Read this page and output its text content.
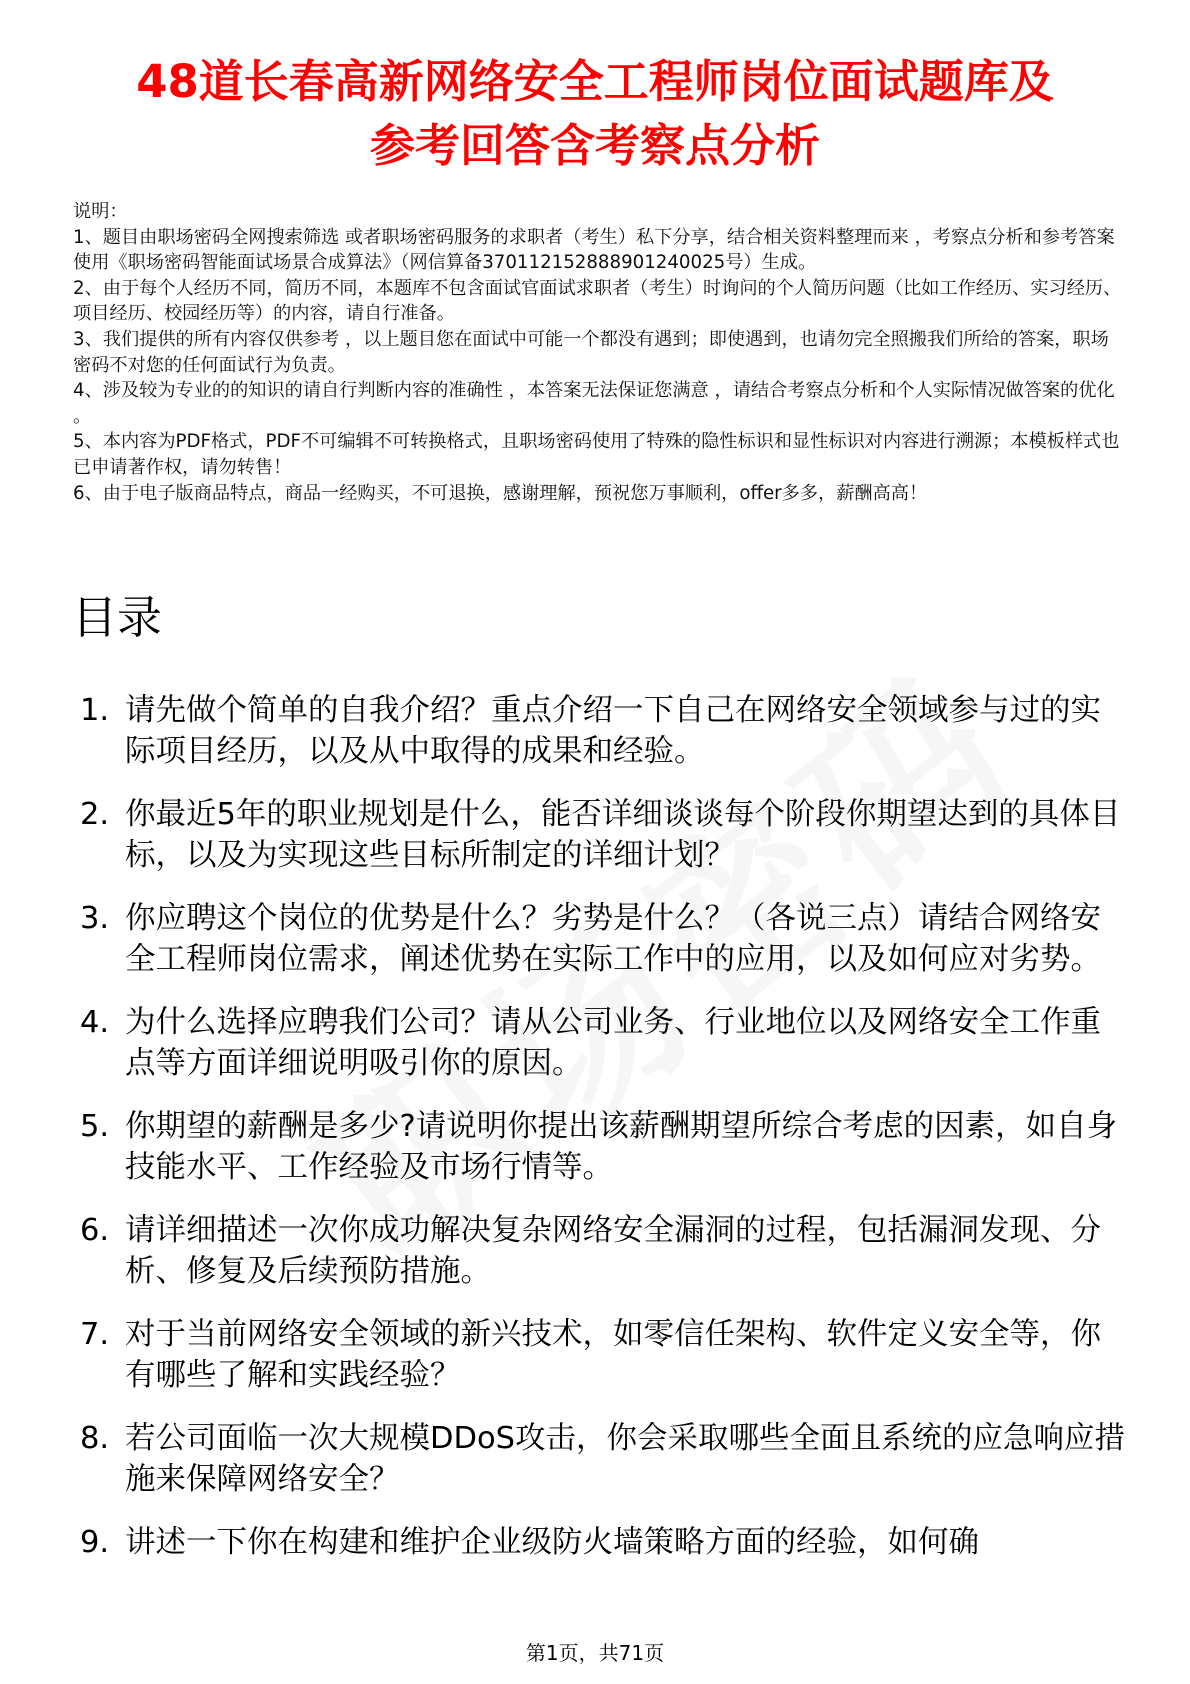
48道长春高新网络安全工程师岗位面试题库及
参考回答含考察点分析
说明：
1、题目由职场密码全网搜索筛选 或者职场密码服务的求职者（考生）私下分享，结合相关资料整理而来 ，考察点分析和参考答案使用《职场密码智能面试场景合成算法》（网信算备370112152888901240025号）生成。
2、由于每个人经历不同，简历不同，本题库不包含面试官面试求职者（考生）时询问的个人简历问题（比如工作经历、实习经历、项目经历、校园经历等）的内容，请自行准备。
3、我们提供的所有内容仅供参考 ，以上题目您在面试中可能一个都没有遇到；即使遇到，也请勿完全照搬我们所给的答案，职场密码不对您的任何面试行为负责。
4、涉及较为专业的的知识的请自行判断内容的准确性 ，本答案无法保证您满意 ，请结合考察点分析和个人实际情况做答案的优化 。
5、本内容为PDF格式，PDF不可编辑不可转换格式，且职场密码使用了特殊的隐性标识和显性标识对内容进行溯源；本模板样式也已申请著作权，请勿转售！
6、由于电子版商品特点，商品一经购买，不可退换，感谢理解，预祝您万事顺利，offer多多，薪酬高高！
目录
1. 请先做个简单的自我介绍？重点介绍一下自己在网络安全领域参与过的实际项目经历，以及从中取得的成果和经验。
2. 你最近5年的职业规划是什么，能否详细谈谈每个阶段你期望达到的具体目标，以及为实现这些目标所制定的详细计划？
3. 你应聘这个岗位的优势是什么？劣势是什么？（各说三点）请结合网络安全工程师岗位需求，阐述优势在实际工作中的应用，以及如何应对劣势。
4. 为什么选择应聘我们公司？请从公司业务、行业地位以及网络安全工作重点等方面详细说明吸引你的原因。
5. 你期望的薪酬是多少?请说明你提出该薪酬期望所综合考虑的因素，如自身技能水平、工作经验及市场行情等。
6. 请详细描述一次你成功解决复杂网络安全漏洞的过程，包括漏洞发现、分析、修复及后续预防措施。
7. 对于当前网络安全领域的新兴技术，如零信任架构、软件定义安全等，你有哪些了解和实践经验？
8. 若公司面临一次大规模DDoS攻击，你会采取哪些全面且系统的应急响应措施来保障网络安全？
9. 讲述一下你在构建和维护企业级防火墙策略方面的经验，如何确
第1页，共71页
